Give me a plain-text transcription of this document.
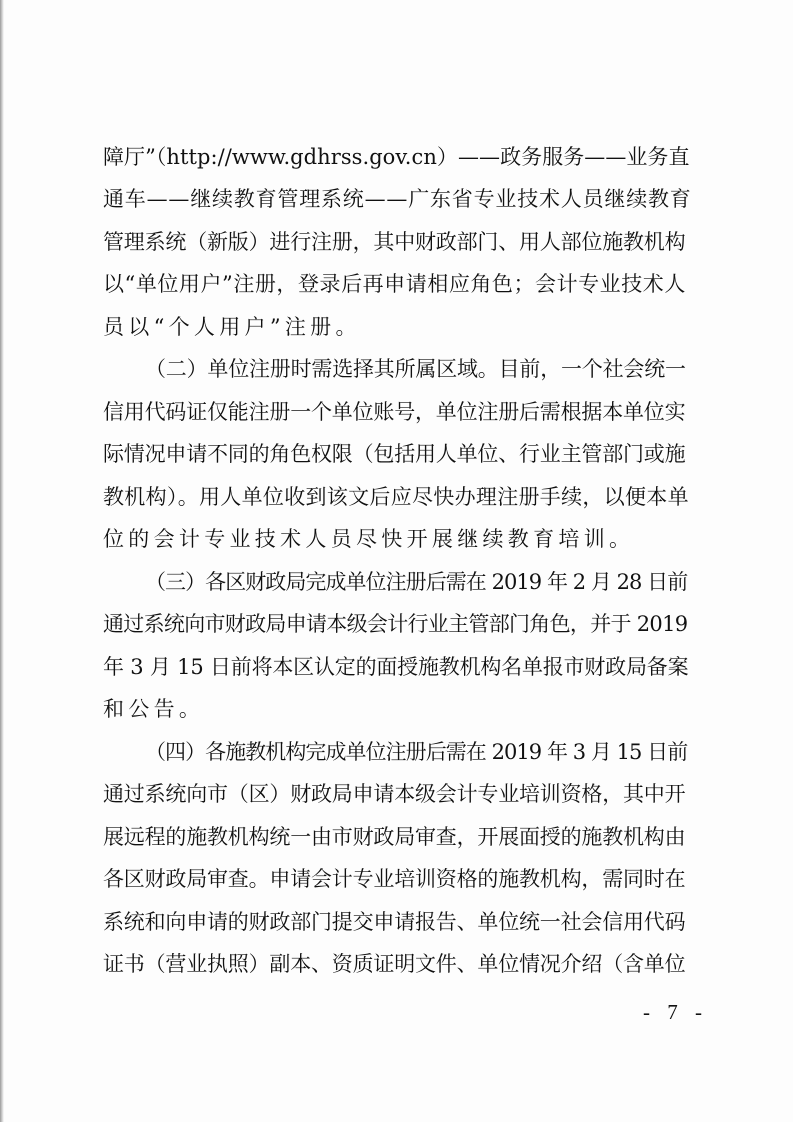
障厅”（http://www.gdhrss.gov.cn）——政务服务——业务直
通车——继续教育管理系统——广东省专业技术人员继续教育
管理系统（新版）进行注册，其中财政部门、用人部位施教机构
以“单位用户”注册，登录后再申请相应角色；会计专业技术人
员以“个人用户”注册。
（二）单位注册时需选择其所属区域。目前，一个社会统一
信用代码证仅能注册一个单位账号，单位注册后需根据本单位实
际情况申请不同的角色权限（包括用人单位、行业主管部门或施
教机构）。用人单位收到该文后应尽快办理注册手续，以便本单
位的会计专业技术人员尽快开展继续教育培训。
（三）各区财政局完成单位注册后需在 2019 年 2 月 28 日前
通过系统向市财政局申请本级会计行业主管部门角色，并于 2019
年 3 月 15 日前将本区认定的面授施教机构名单报市财政局备案
和公告。
（四）各施教机构完成单位注册后需在 2019 年 3 月 15 日前
通过系统向市（区）财政局申请本级会计专业培训资格，其中开
展远程的施教机构统一由市财政局审查，开展面授的施教机构由
各区财政局审查。申请会计专业培训资格的施教机构，需同时在
系统和向申请的财政部门提交申请报告、单位统一社会信用代码
证书（营业执照）副本、资质证明文件、单位情况介绍（含单位
- 7 -
